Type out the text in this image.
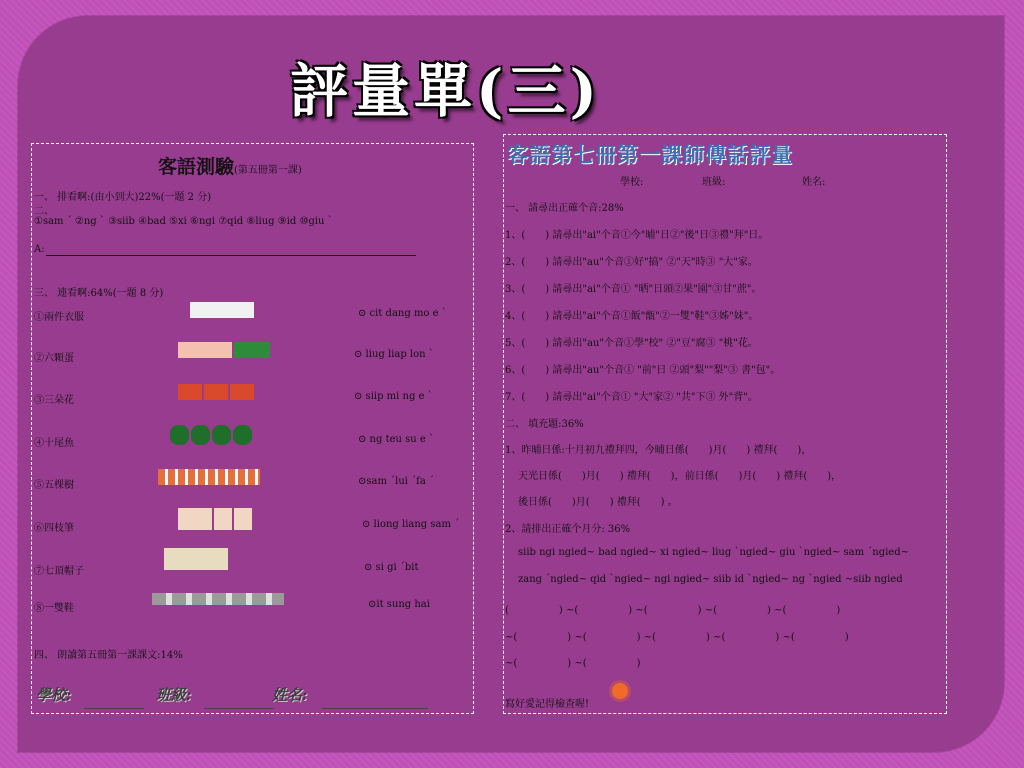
評量單(三)
客語測驗(第五冊第一課)
一、 排看啊:(由小到大)22%(一題 2 分)
二、
①sam ˊ ②ng ˋ ③siib ④bad ⑤xi ⑥ngi ⑦qid ⑧liug ⑨id ⑩giu ˋ
A:
三、 連看啊:64%(一題 8 分)
①兩件衣服	⊙ cit dang mo e ˋ
②六顆蛋	⊙ liug liap lon ˋ
③三朵花	⊙ siip mi ng e ˋ
④十尾魚	⊙ ng teu su e ˋ
⑤五棵樹	⊙sam ˊlui ˊfa ˊ
⑥四枝筆	⊙ liong liang sam ˊ
⑦七頂帽子	⊙ si gi ˊbit
⑧一雙鞋	⊙it sung hai
四、 朗讀第五冊第一課課文:14%
學校:	班級:	姓名:
客語第七冊第一課師傳話評量
學校:	班級:	姓名:
一、 請尋出正確个音:28%
1、(　　) 請尋出"ai"个音①今"晡"日②"後"日③禮"拜"日。
2、(　　) 請尋出"au"个音①好"搞" ②"天"時③ "大"家。
3、(　　) 請尋出"ai"个音① "晒"日頭②果"園"③甘"蔗"。
4、(　　) 請尋出"ai"个音①飯"甑"②一雙"鞋"③姊"妹"。
5、(　　) 請尋出"au"个音①學"校" ②"豆"腐③ "桃"花。
6、(　　) 請尋出"au"个音① "前"日 ②頭"梨""梨"③ 書"包"。
7、(　　) 請尋出"ai"个音① "大"家② "共"下③ 外"背"。
二、 填充題:36%
1、昨晡日係:十月初九禮拜四，今晡日係(　　)月(　　) 禮拜(　　)，
天光日係(　　)月(　　) 禮拜(　　)，前日係(　　)月(　　) 禮拜(　　)，
後日係(　　)月(　　) 禮拜(　　) 。
2、請排出正確个月分: 36%
siib ngi ngied~ bad ngied~ xi ngied~ liug ˋngied~ giu ˋngied~ sam ˊngied~
zang ˊngied~ qid ˋngied~ ngi ngied~ siib id ˋngied~ ng ˋngied ~siib ngied
(　　　　　) ~(　　　　　) ~(　　　　　) ~(　　　　　) ~(　　　　　)
~(　　　　　) ~(　　　　　) ~(　　　　　) ~(　　　　　) ~(　　　　　)
~(　　　　　) ~(　　　　　)
寫好愛記得檢查喔!
